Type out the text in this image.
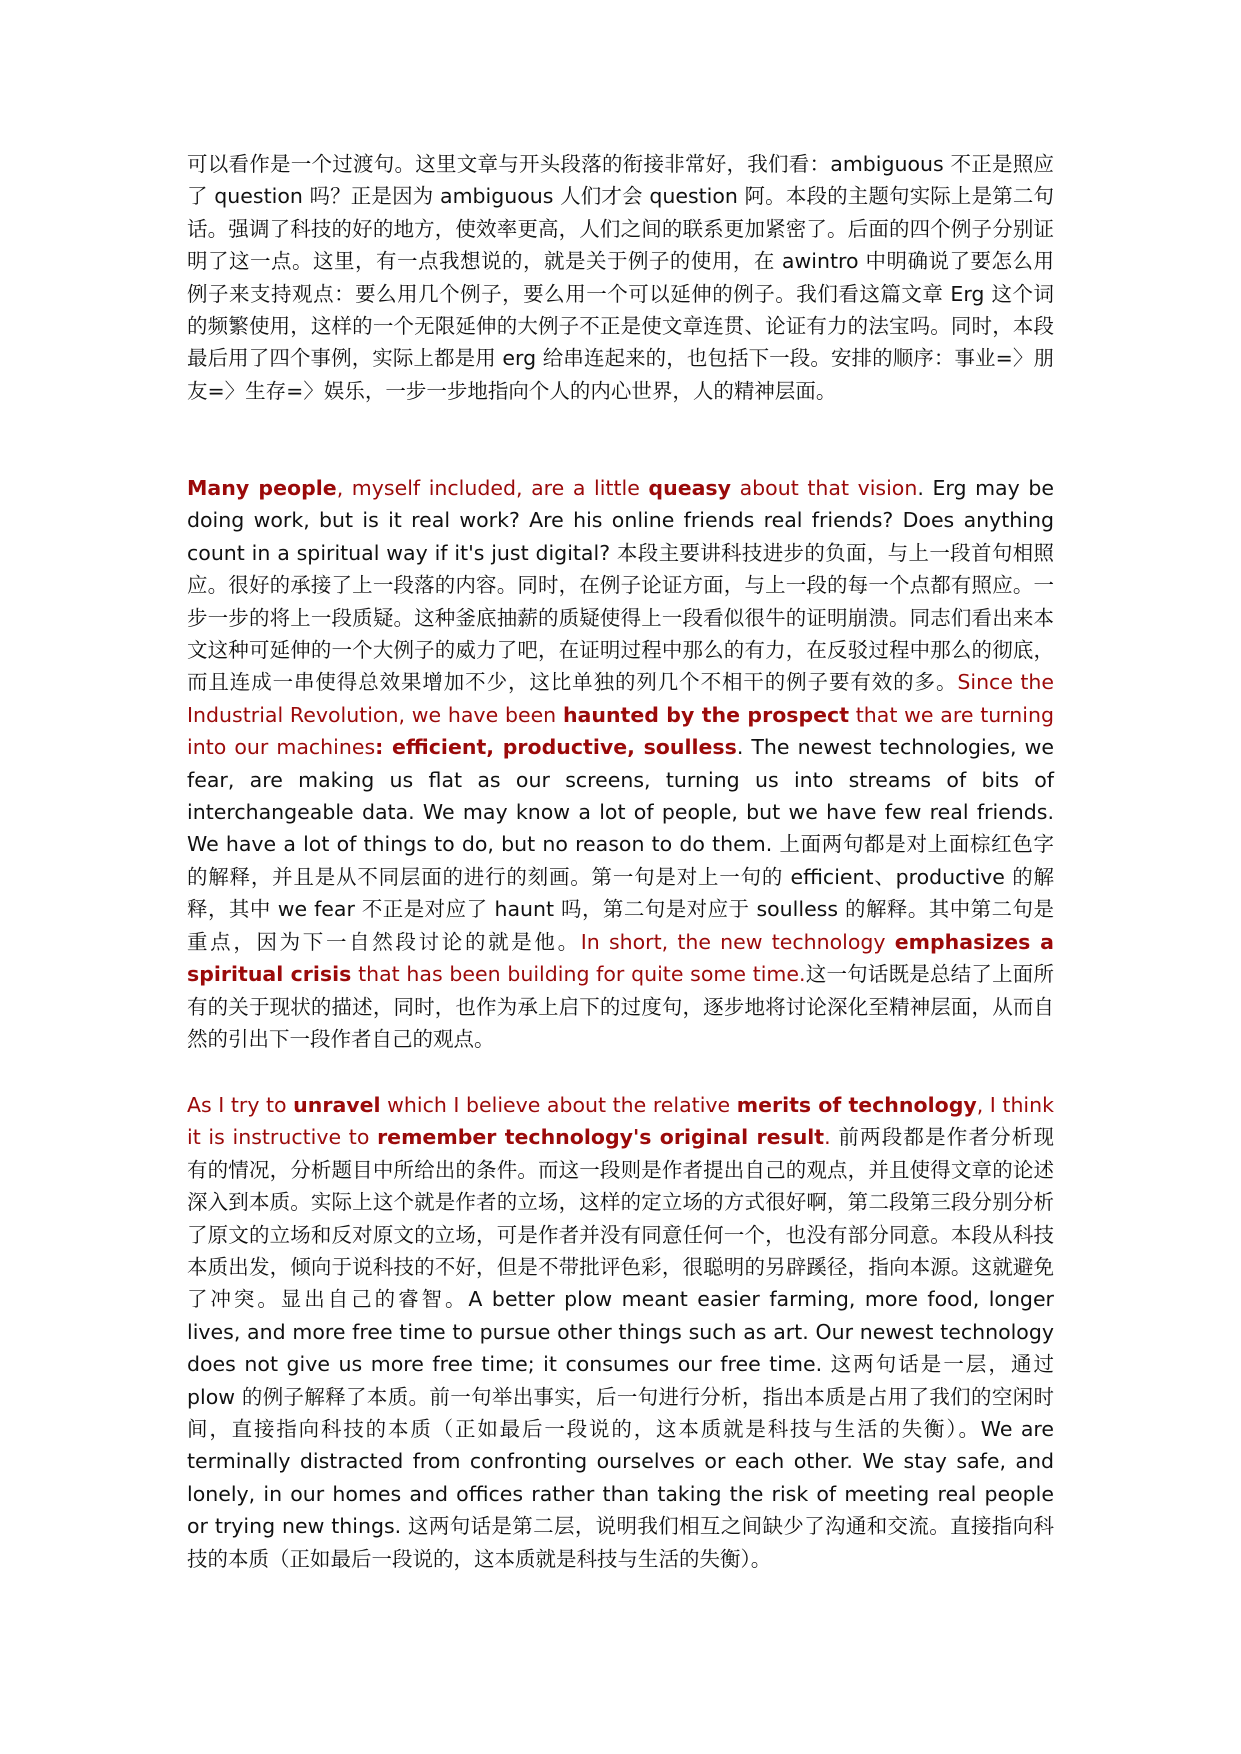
可以看作是一个过渡句。这里文章与开头段落的衔接非常好，我们看：ambiguous 不正是照应了 question 吗？正是因为 ambiguous 人们才会 question 阿。本段的主题句实际上是第二句话。强调了科技的好的地方，使效率更高，人们之间的联系更加紧密了。后面的四个例子分别证明了这一点。这里，有一点我想说的，就是关于例子的使用，在 awintro 中明确说了要怎么用例子来支持观点：要么用几个例子，要么用一个可以延伸的例子。我们看这篇文章 Erg 这个词的频繁使用，这样的一个无限延伸的大例子不正是使文章连贯、论证有力的法宝吗。同时，本段最后用了四个事例，实际上都是用 erg 给串连起来的，也包括下一段。安排的顺序：事业=〉朋友=〉生存=〉娱乐，一步一步地指向个人的内心世界，人的精神层面。

Many people, myself included, are a little queasy about that vision. Erg may be doing work, but is it real work? Are his online friends real friends? Does anything count in a spiritual way if it's just digital? 本段主要讲科技进步的负面，与上一段首句相照应。很好的承接了上一段落的内容。同时，在例子论证方面，与上一段的每一个点都有照应。一步一步的将上一段质疑。这种釜底抽薪的质疑使得上一段看似很牛的证明崩溃。同志们看出来本文这种可延伸的一个大例子的威力了吧，在证明过程中那么的有力，在反驳过程中那么的彻底，而且连成一串使得总效果增加不少，这比单独的列几个不相干的例子要有效的多。Since the Industrial Revolution, we have been haunted by the prospect that we are turning into our machines: efficient, productive, soulless. The newest technologies, we fear, are making us flat as our screens, turning us into streams of bits of interchangeable data. We may know a lot of people, but we have few real friends. We have a lot of things to do, but no reason to do them. 上面两句都是对上面棕红色字的解释，并且是从不同层面的进行的刻画。第一句是对上一句的 efficient、productive 的解释，其中 we fear 不正是对应了 haunt 吗，第二句是对应于 soulless 的解释。其中第二句是重点，因为下一自然段讨论的就是他。In short, the new technology emphasizes a spiritual crisis that has been building for quite some time.这一句话既是总结了上面所有的关于现状的描述，同时，也作为承上启下的过度句，逐步地将讨论深化至精神层面，从而自然的引出下一段作者自己的观点。

As I try to unravel which I believe about the relative merits of technology, I think it is instructive to remember technology's original result. 前两段都是作者分析现有的情况，分析题目中所给出的条件。而这一段则是作者提出自己的观点，并且使得文章的论述深入到本质。实际上这个就是作者的立场，这样的定立场的方式很好啊，第二段第三段分别分析了原文的立场和反对原文的立场，可是作者并没有同意任何一个，也没有部分同意。本段从科技本质出发，倾向于说科技的不好，但是不带批评色彩，很聪明的另辟蹊径，指向本源。这就避免了冲突。显出自己的睿智。A better plow meant easier farming, more food, longer lives, and more free time to pursue other things such as art. Our newest technology does not give us more free time; it consumes our free time. 这两句话是一层，通过 plow 的例子解释了本质。前一句举出事实，后一句进行分析，指出本质是占用了我们的空闲时间，直接指向科技的本质（正如最后一段说的，这本质就是科技与生活的失衡）。We are terminally distracted from confronting ourselves or each other. We stay safe, and lonely, in our homes and offices rather than taking the risk of meeting real people or trying new things. 这两句话是第二层，说明我们相互之间缺少了沟通和交流。直接指向科技的本质（正如最后一段说的，这本质就是科技与生活的失衡）。
